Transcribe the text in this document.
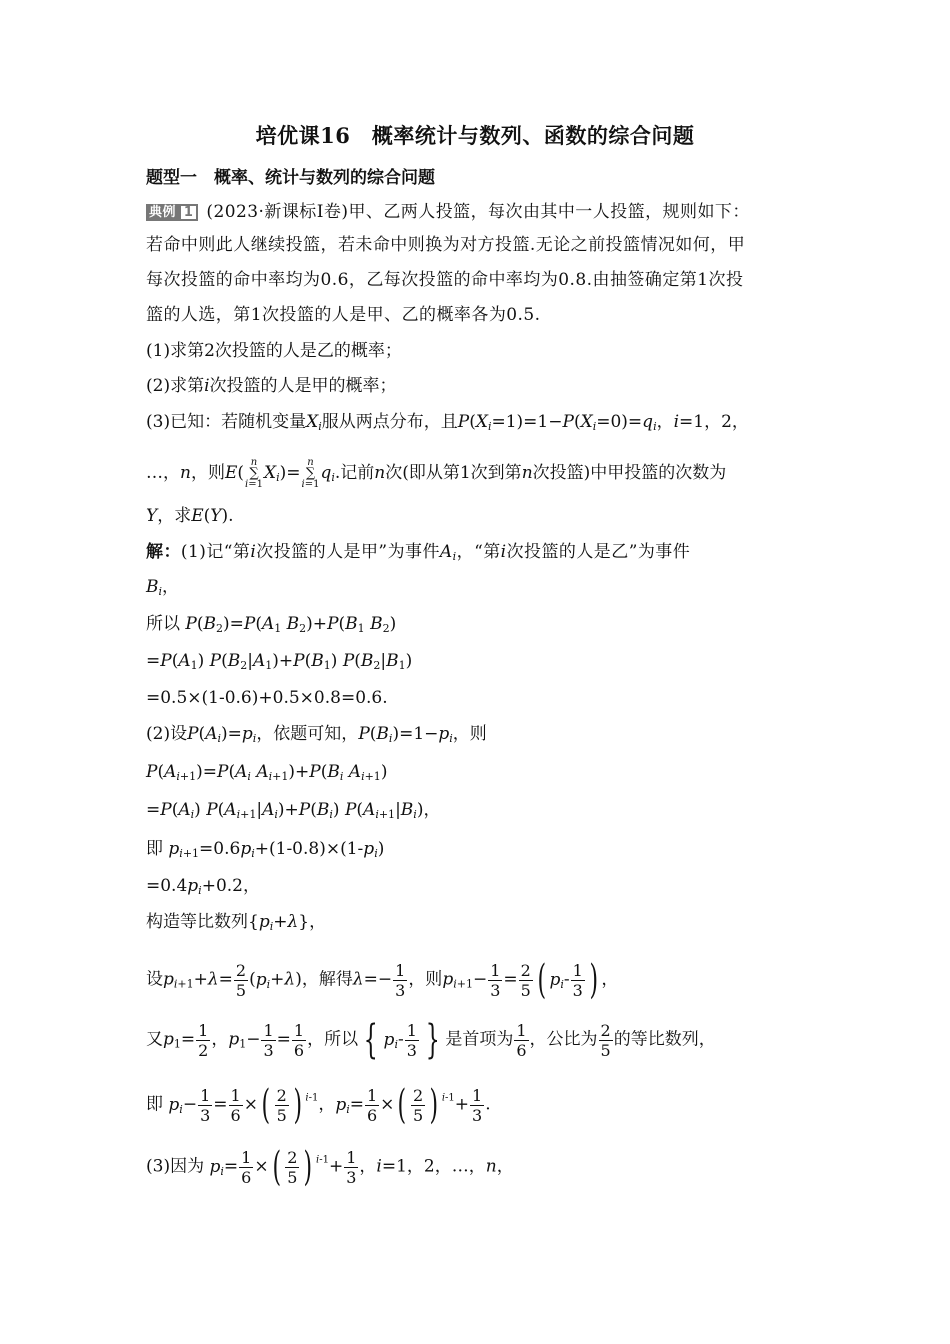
培优课16　概率统计与数列、函数的综合问题
题型一　概率、统计与数列的综合问题
典例 1 (2023·新课标Ⅰ卷)甲、乙两人投篮，每次由其中一人投篮，规则如下：
若命中则此人继续投篮，若未命中则换为对方投篮.无论之前投篮情况如何，甲
每次投篮的命中率均为0.6，乙每次投篮的命中率均为0.8.由抽签确定第1次投
篮的人选，第1次投篮的人是甲、乙的概率各为0.5.
(1)求第2次投篮的人是乙的概率；
(2)求第i次投篮的人是甲的概率；
(3)已知：若随机变量$X_i$服从两点分布，且$P(X_i=1)=1-P(X_i=0)=q_i$，i=1，2，
…，n，则E(n
∑
$i=1X_i)=n$
∑
$i=1q_i$.记前n次(即从第1次到第n次投篮)中甲投篮的次数为
Y，求E(Y).
解：(1)记“第i次投篮的人是甲”为事件$A_i$，“第i次投篮的人是乙”为事件
$B_i$，
所以 $P(B_2)=P(A_1$ $B_2)+P(B_1$ $B_2$)
$=P(A_1)$ $P(B_2|A_1)+P(B_1)$ $P(B_2|B_1)$
=0.5×(1-0.6)+0.5×0.8=0.6.
(2)设$P(A_i)=p_i$，依题可知，$P(B_i)=1-p_i$，则
$P(A_{i+1})=P(A_i$ $A_{i+1})+P(B_i$ $A_{i+1}$)
$=P(A_i)$ $P(A_{i+1}|A_i)+P(B_i)$ $P(A_{i+1}|B_i)$，
即 $p_{i+1}=0.6p_i+(1-0.8)\times(1-p_i)$
$=0.4p_i+0.2$，
构造等比数列$\{p_i+\lambda\}$，
设$p_{i+1}+\lambda= \frac{2}{5} (p_i+\lambda)$，解得$\lambda=- \frac{1}{3}$ ，则$p_{i+1}- \frac{1}{3} = \frac{2}{5}$ ( $p_i- \frac{1}{3}$ ) ，
又$p_1= \frac{1}{2}$ ，$p_1- \frac{1}{3} = \frac{1}{6}$ ，所以 { $p_i- \frac{1}{3}$ } 是首项为 $\frac{1}{6}$ ，公比为 $\frac{2}{5}$ 的等比数列，
即 $p_i- \frac{1}{3} = \frac{1}{6}$ ×( $\frac{2}{5}$ ) $^{i-1}$，$p_i= \frac{1}{6}$ ×( $\frac{2}{5}$ ) $^{i-1}+ \frac{1}{3}$ .
(3)因为 $p_i= \frac{1}{6}$ ×( $\frac{2}{5}$ ) $^{i-1}+ \frac{1}{3}$ ，i=1，2，…，n，
